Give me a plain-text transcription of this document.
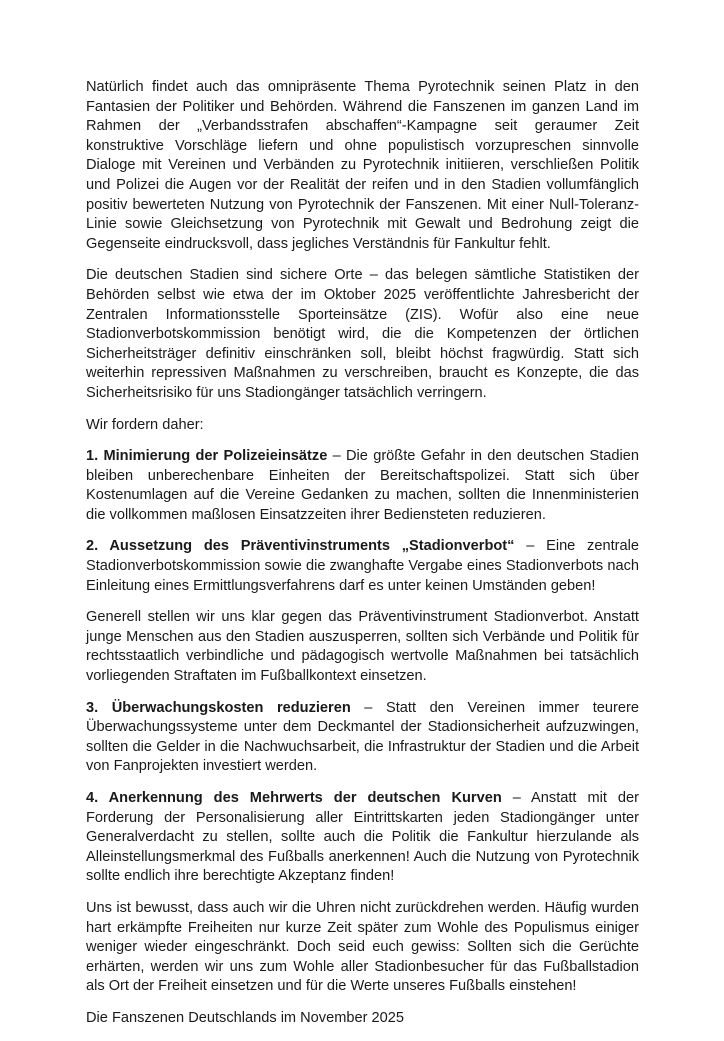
Natürlich findet auch das omnipräsente Thema Pyrotechnik seinen Platz in den Fantasien der Politiker und Behörden. Während die Fanszenen im ganzen Land im Rahmen der „Verbandsstrafen abschaffen“-Kampagne seit geraumer Zeit konstruktive Vorschläge liefern und ohne populistisch vorzupreschen sinnvolle Dialoge mit Vereinen und Verbänden zu Pyrotechnik initiieren, verschließen Politik und Polizei die Augen vor der Realität der reifen und in den Stadien vollumfänglich positiv bewerteten Nutzung von Pyrotechnik der Fanszenen. Mit einer Null-Toleranz-Linie sowie Gleichsetzung von Pyrotechnik mit Gewalt und Bedrohung zeigt die Gegenseite eindrucksvoll, dass jegliches Verständnis für Fankultur fehlt.

Die deutschen Stadien sind sichere Orte – das belegen sämtliche Statistiken der Behörden selbst wie etwa der im Oktober 2025 veröffentlichte Jahresbericht der Zentralen Informationsstelle Sporteinsätze (ZIS). Wofür also eine neue Stadionverbotskommission benötigt wird, die die Kompetenzen der örtlichen Sicherheitsträger definitiv einschränken soll, bleibt höchst fragwürdig. Statt sich weiterhin repressiven Maßnahmen zu verschreiben, braucht es Konzepte, die das Sicherheitsrisiko für uns Stadiongänger tatsächlich verringern.

Wir fordern daher:

1. Minimierung der Polizeieinsätze – Die größte Gefahr in den deutschen Stadien bleiben unberechenbare Einheiten der Bereitschaftspolizei. Statt sich über Kostenumlagen auf die Vereine Gedanken zu machen, sollten die Innenministerien die vollkommen maßlosen Einsatzzeiten ihrer Bediensteten reduzieren.

2. Aussetzung des Präventivinstruments „Stadionverbot“ – Eine zentrale Stadionverbotskommission sowie die zwanghafte Vergabe eines Stadionverbots nach Einleitung eines Ermittlungsverfahrens darf es unter keinen Umständen geben!

Generell stellen wir uns klar gegen das Präventivinstrument Stadionverbot. Anstatt junge Menschen aus den Stadien auszusperren, sollten sich Verbände und Politik für rechtsstaatlich verbindliche und pädagogisch wertvolle Maßnahmen bei tatsächlich vorliegenden Straftaten im Fußballkontext einsetzen.

3. Überwachungskosten reduzieren – Statt den Vereinen immer teurere Überwachungssysteme unter dem Deckmantel der Stadionsicherheit aufzuzwingen, sollten die Gelder in die Nachwuchsarbeit, die Infrastruktur der Stadien und die Arbeit von Fanprojekten investiert werden.

4. Anerkennung des Mehrwerts der deutschen Kurven – Anstatt mit der Forderung der Personalisierung aller Eintrittskarten jeden Stadiongänger unter Generalverdacht zu stellen, sollte auch die Politik die Fankultur hierzulande als Alleinstellungsmerkmal des Fußballs anerkennen! Auch die Nutzung von Pyrotechnik sollte endlich ihre berechtigte Akzeptanz finden!

Uns ist bewusst, dass auch wir die Uhren nicht zurückdrehen werden. Häufig wurden hart erkämpfte Freiheiten nur kurze Zeit später zum Wohle des Populismus einiger weniger wieder eingeschränkt. Doch seid euch gewiss: Sollten sich die Gerüchte erhärten, werden wir uns zum Wohle aller Stadionbesucher für das Fußballstadion als Ort der Freiheit einsetzen und für die Werte unseres Fußballs einstehen!

Die Fanszenen Deutschlands im November 2025
